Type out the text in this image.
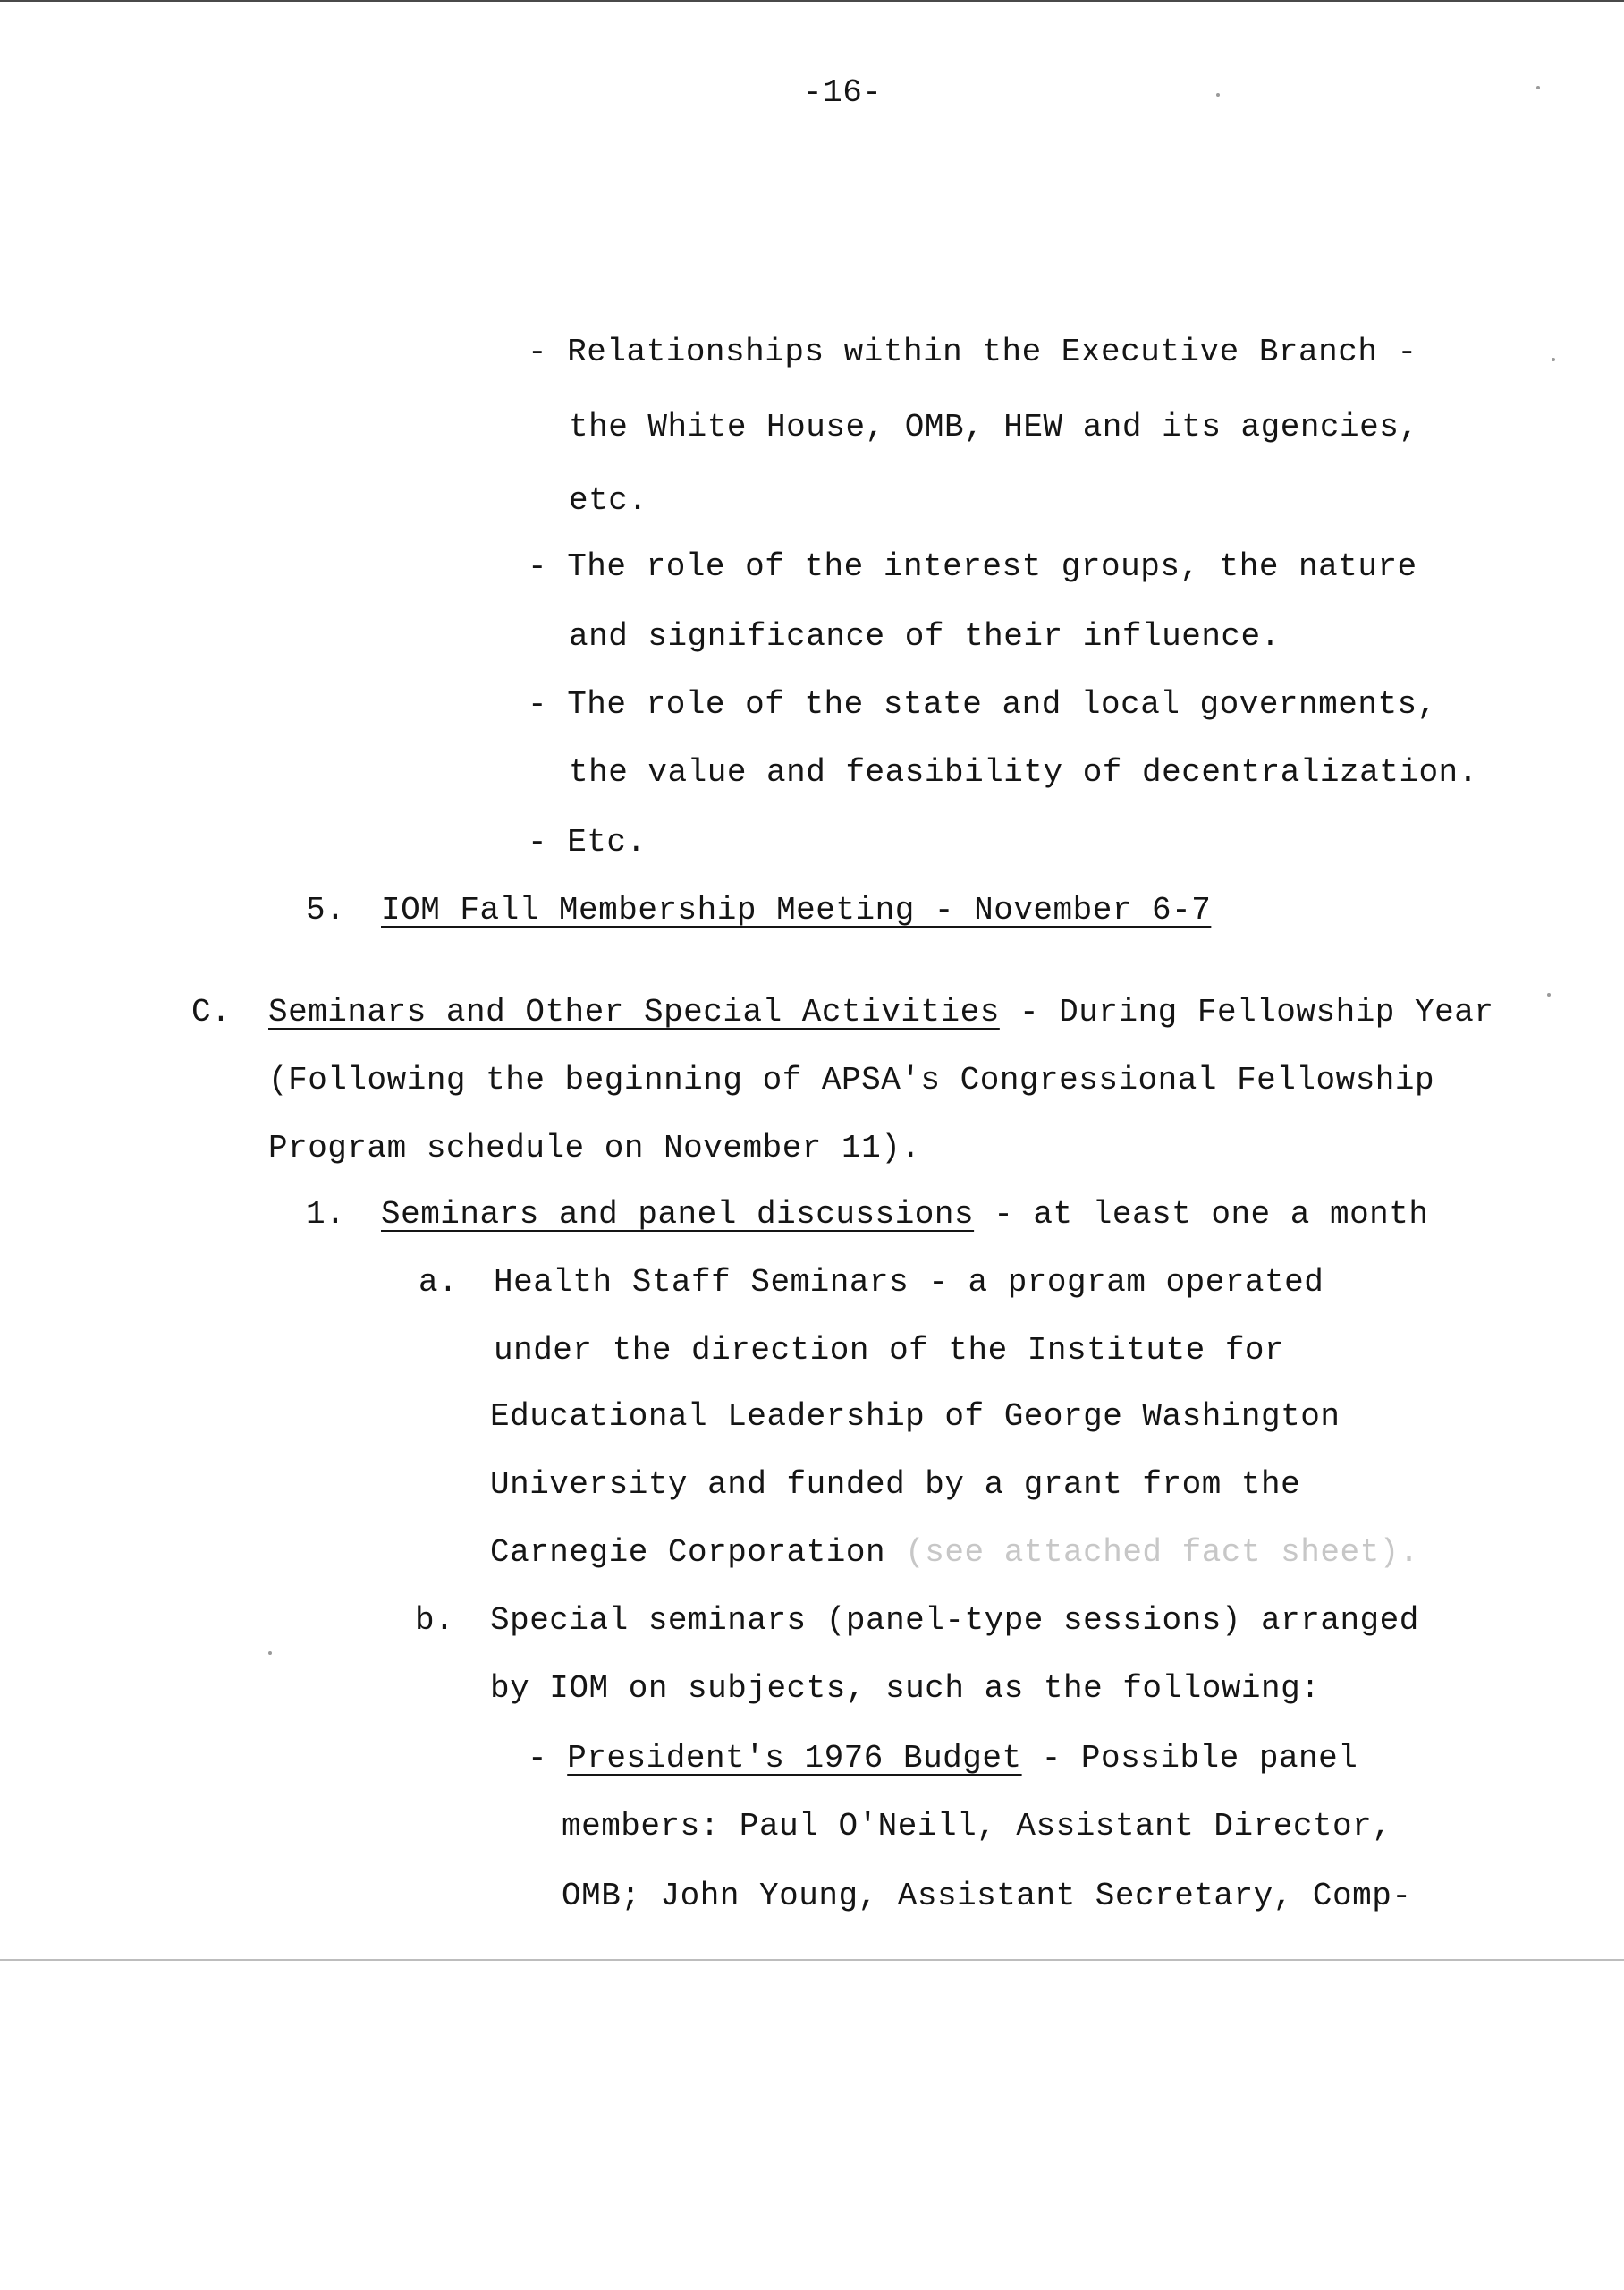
-16-
- Relationships within the Executive Branch -
the White House, OMB, HEW and its agencies,
etc.
- The role of the interest groups, the nature
and significance of their influence.
- The role of the state and local governments,
the value and feasibility of decentralization.
- Etc.
5. IOM Fall Membership Meeting - November 6-7
C. Seminars and Other Special Activities - During Fellowship Year
(Following the beginning of APSA's Congressional Fellowship
Program schedule on November 11).
1. Seminars and panel discussions - at least one a month
a. Health Staff Seminars - a program operated
under the direction of the Institute for
Educational Leadership of George Washington
University and funded by a grant from the
Carnegie Corporation (see attached fact sheet).
b. Special seminars (panel-type sessions) arranged
by IOM on subjects, such as the following:
- President's 1976 Budget - Possible panel
members: Paul O'Neill, Assistant Director,
OMB; John Young, Assistant Secretary, Comp-
